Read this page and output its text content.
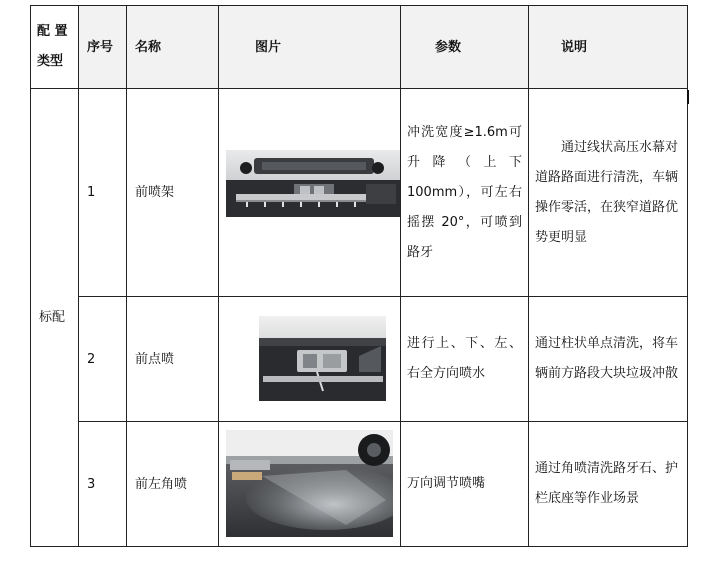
配 置
类型	序号	名称	图片	参数	说明
标配	1	前喷架		冲洗宽度≥1.6m可升降（上下100mm），可左右摇摆 20°，可喷到路牙	通过线状高压水幕对道路路面进行清洗，车辆操作零活，在狭窄道路优势更明显
	2	前点喷		进行上、下、左、右全方向喷水	通过柱状单点清洗，将车辆前方路段大块垃圾冲散
	3	前左角喷		万向调节喷嘴	通过角喷清洗路牙石、护栏底座等作业场景
